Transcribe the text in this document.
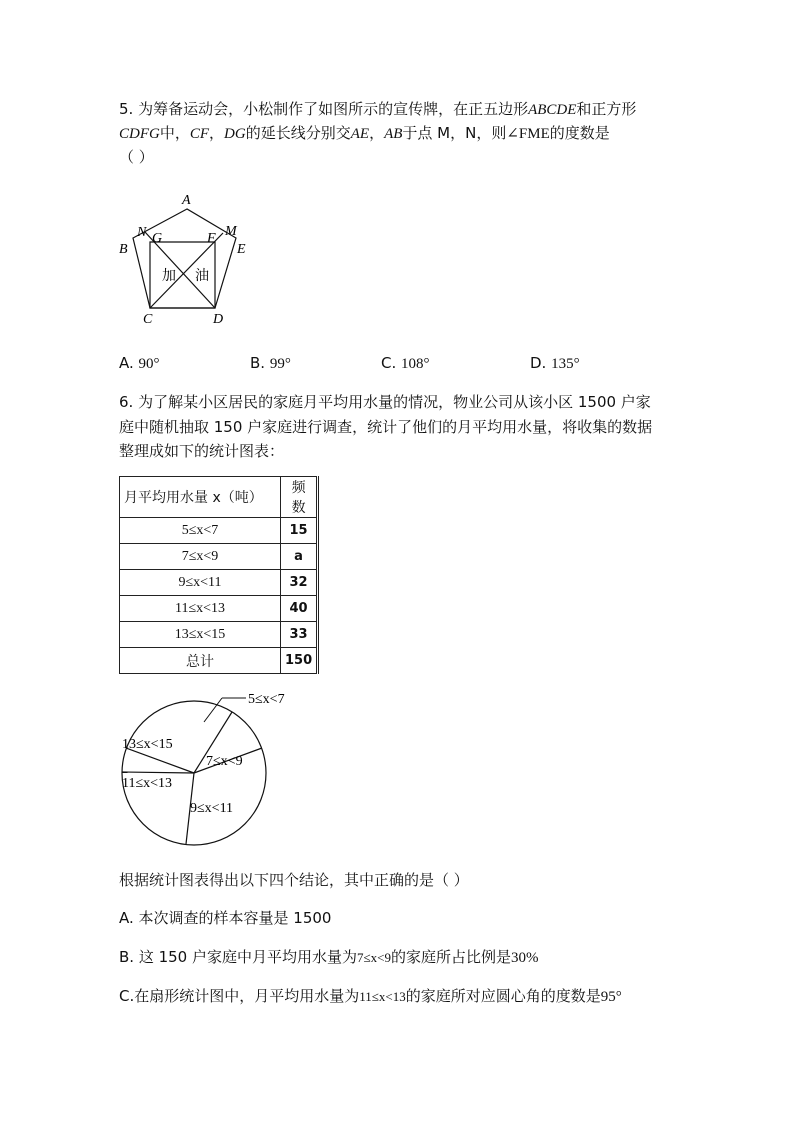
5. 为筹备运动会，小松制作了如图所示的宣传牌，在正五边形ABCDE和正方形
CDFG中，CF，DG的延长线分别交AE，AB于点 M，N，则∠FME的度数是
（ ）
A
B
C	D
E
F
G	M
N
加 油
A. 90°	B. 99°	C. 108°	D. 135°
6. 为了解某小区居民的家庭月平均用水量的情况，物业公司从该小区 1500 户家
庭中随机抽取 150 户家庭进行调查，统计了他们的月平均用水量，将收集的数据
整理成如下的统计图表：
月平均用水量 x（吨）	频数
5≤x<7	15
7≤x<9	a
9≤x<11	32
11≤x<13	40
13≤x<15	33
总计	150
5≤x<7
7≤x<9
9≤x<11
11≤x<13
13≤x<15
根据统计图表得出以下四个结论，其中正确的是（ ）
A. 本次调查的样本容量是 1500
B. 这 150 户家庭中月平均用水量为7≤x<9的家庭所占比例是30%
C.在扇形统计图中，月平均用水量为11≤x<13的家庭所对应圆心角的度数是95°
